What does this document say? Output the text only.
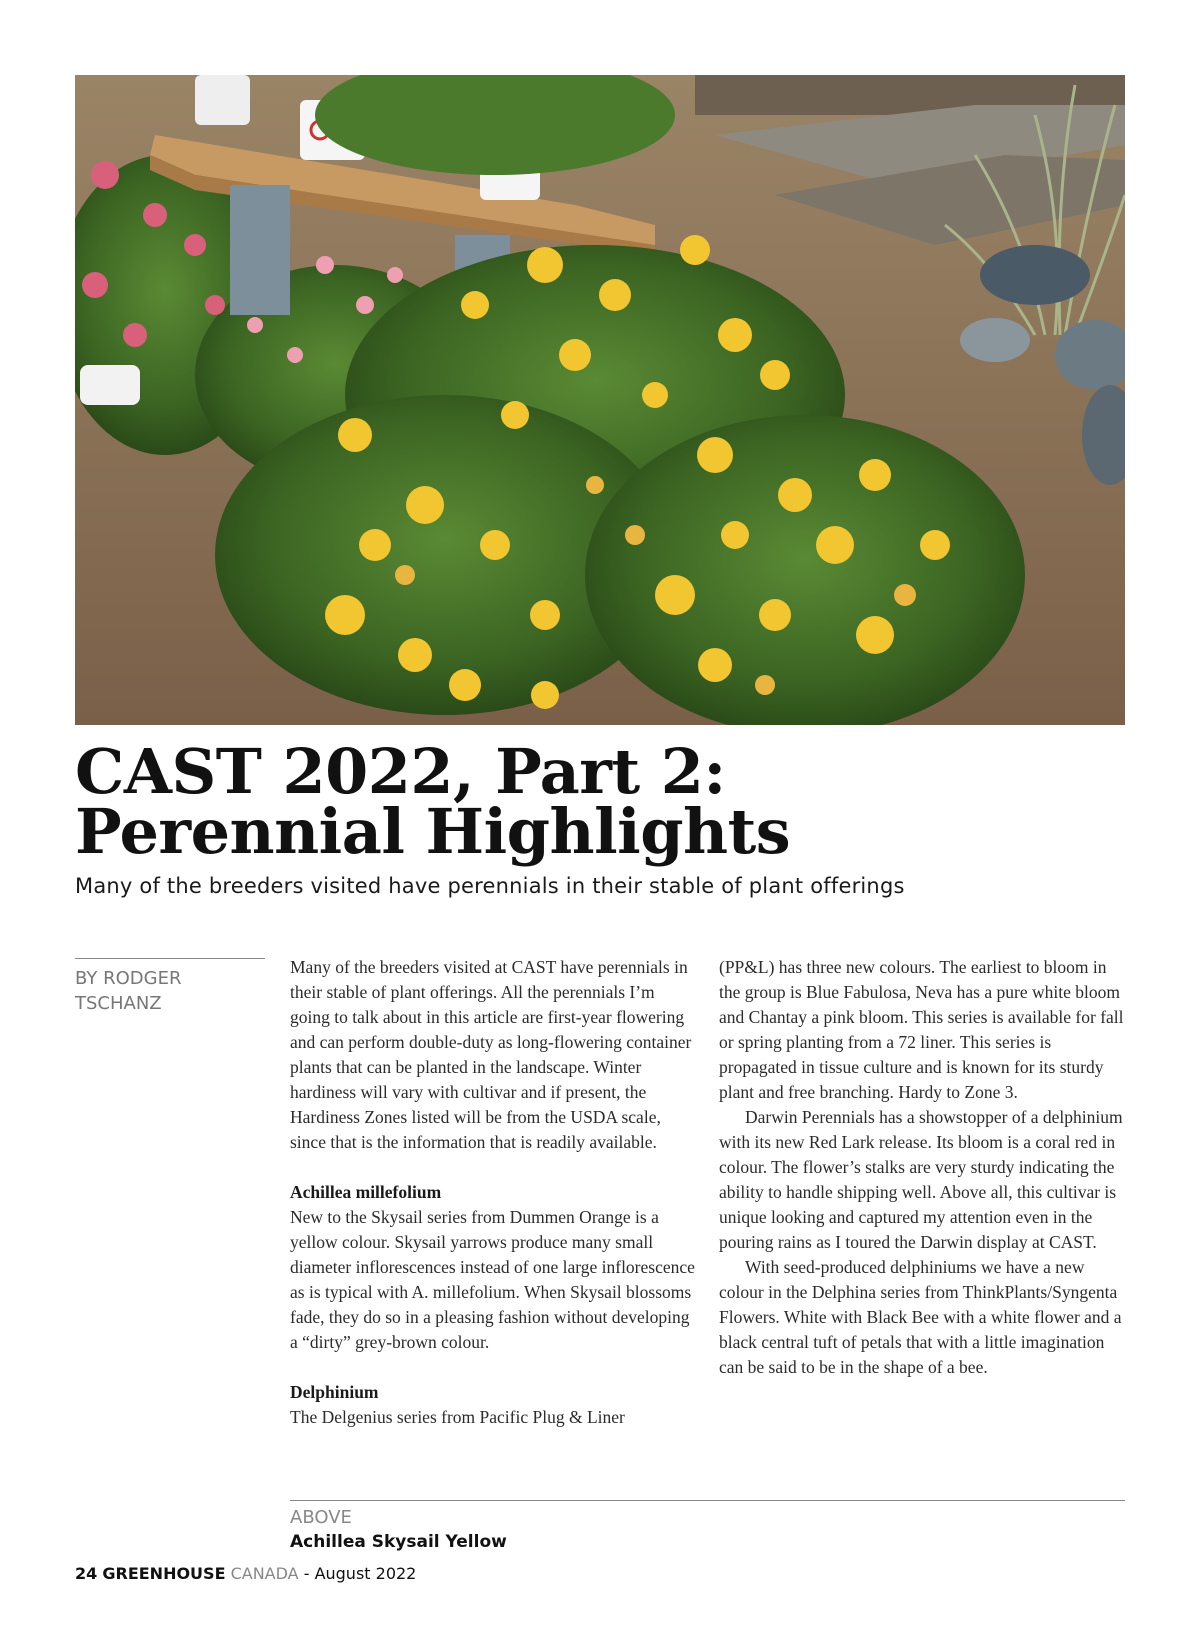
CAST 2022, Part 2:
Perennial Highlights
Many of the breeders visited have perennials in their stable of plant offerings
BY RODGER
TSCHANZ

Many of the breeders visited at CAST have perennials in their stable of plant offerings. All the perennials I’m going to talk about in this article are first-year flowering and can perform double-duty as long-flowering container plants that can be planted in the landscape. Winter hardiness will vary with cultivar and if present, the Hardiness Zones listed will be from the USDA scale, since that is the information that is readily available.

Achillea millefolium

New to the Skysail series from Dummen Orange is a yellow colour. Skysail yarrows produce many small diameter inflorescences instead of one large inflorescence as is typical with A. millefolium. When Skysail blossoms fade, they do so in a pleasing fashion without developing a “dirty” grey-brown colour.

Delphinium

The Delgenius series from Pacific Plug & Liner

(PP&L) has three new colours. The earliest to bloom in the group is Blue Fabulosa, Neva has a pure white bloom and Chantay a pink bloom. This series is available for fall or spring planting from a 72 liner. This series is propagated in tissue culture and is known for its sturdy plant and free branching. Hardy to Zone 3.

Darwin Perennials has a showstopper of a delphinium with its new Red Lark release. Its bloom is a coral red in colour. The flower’s stalks are very sturdy indicating the ability to handle shipping well. Above all, this cultivar is unique looking and captured my attention even in the pouring rains as I toured the Darwin display at CAST.

With seed-produced delphiniums we have a new colour in the Delphina series from ThinkPlants/Syngenta Flowers. White with Black Bee with a white flower and a black central tuft of petals that with a little imagination can be said to be in the shape of a bee.

ABOVE
Achillea Skysail Yellow
24 GREENHOUSE CANADA - August 2022
